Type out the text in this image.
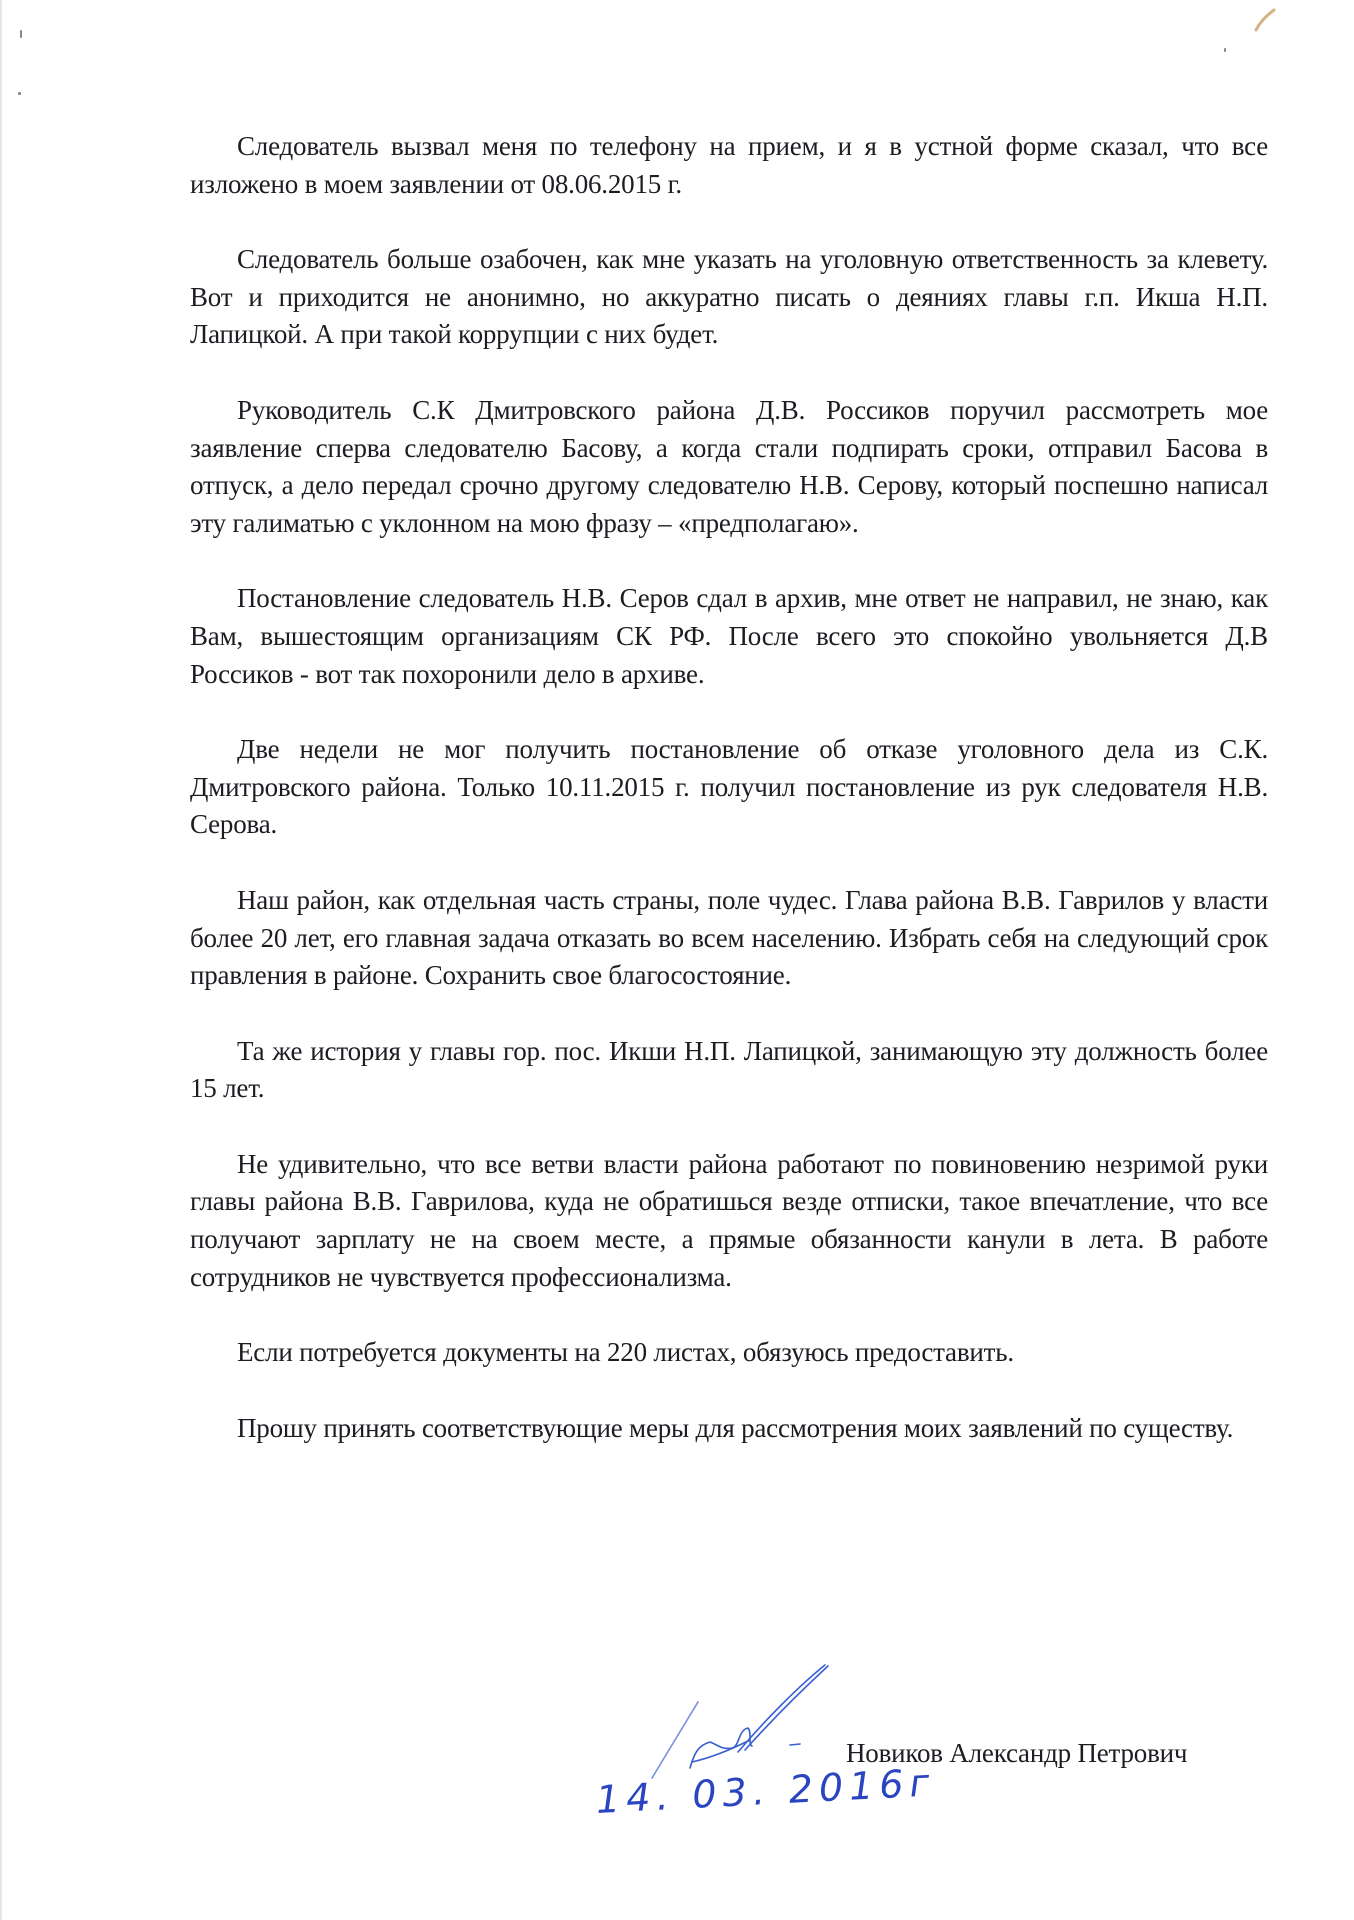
Следователь вызвал меня по телефону на прием, и я в устной форме сказал, что все изложено в моем заявлении от 08.06.2015 г.

Следователь больше озабочен, как мне указать на уголовную ответственность за клевету. Вот и приходится не анонимно, но аккуратно писать о деяниях главы г.п. Икша Н.П. Лапицкой. А при такой коррупции с них будет.

Руководитель С.К Дмитровского района Д.В. Россиков поручил рассмотреть мое заявление сперва следователю Басову, а когда стали подпирать сроки, отправил Басова в отпуск, а дело передал срочно другому следователю Н.В. Серову, который поспешно написал эту галиматью с уклонном на мою фразу – «предполагаю».

Постановление следователь Н.В. Серов сдал в архив, мне ответ не направил, не знаю, как Вам, вышестоящим организациям СК РФ. После всего это спокойно увольняется Д.В Россиков - вот так похоронили дело в архиве.

Две недели не мог получить постановление об отказе уголовного дела из С.К. Дмитровского района. Только 10.11.2015 г. получил постановление из рук следователя Н.В. Серова.

Наш район, как отдельная часть страны, поле чудес. Глава района В.В. Гаврилов у власти более 20 лет, его главная задача отказать во всем населению. Избрать себя на следующий срок правления в районе. Сохранить свое благосостояние.

Та же история у главы гор. пос. Икши Н.П. Лапицкой, занимающую эту должность более 15 лет.

Не удивительно, что все ветви власти района работают по повиновению незримой руки главы района В.В. Гаврилова, куда не обратишься везде отписки, такое впечатление, что все получают зарплату не на своем месте, а прямые обязанности канули в лета. В работе сотрудников не чувствуется профессионализма.

Если потребуется документы на 220 листах, обязуюсь предоставить.

Прошу принять соответствующие меры для рассмотрения моих заявлений по существу.

Новиков Александр Петрович
14. 03. 2016г
